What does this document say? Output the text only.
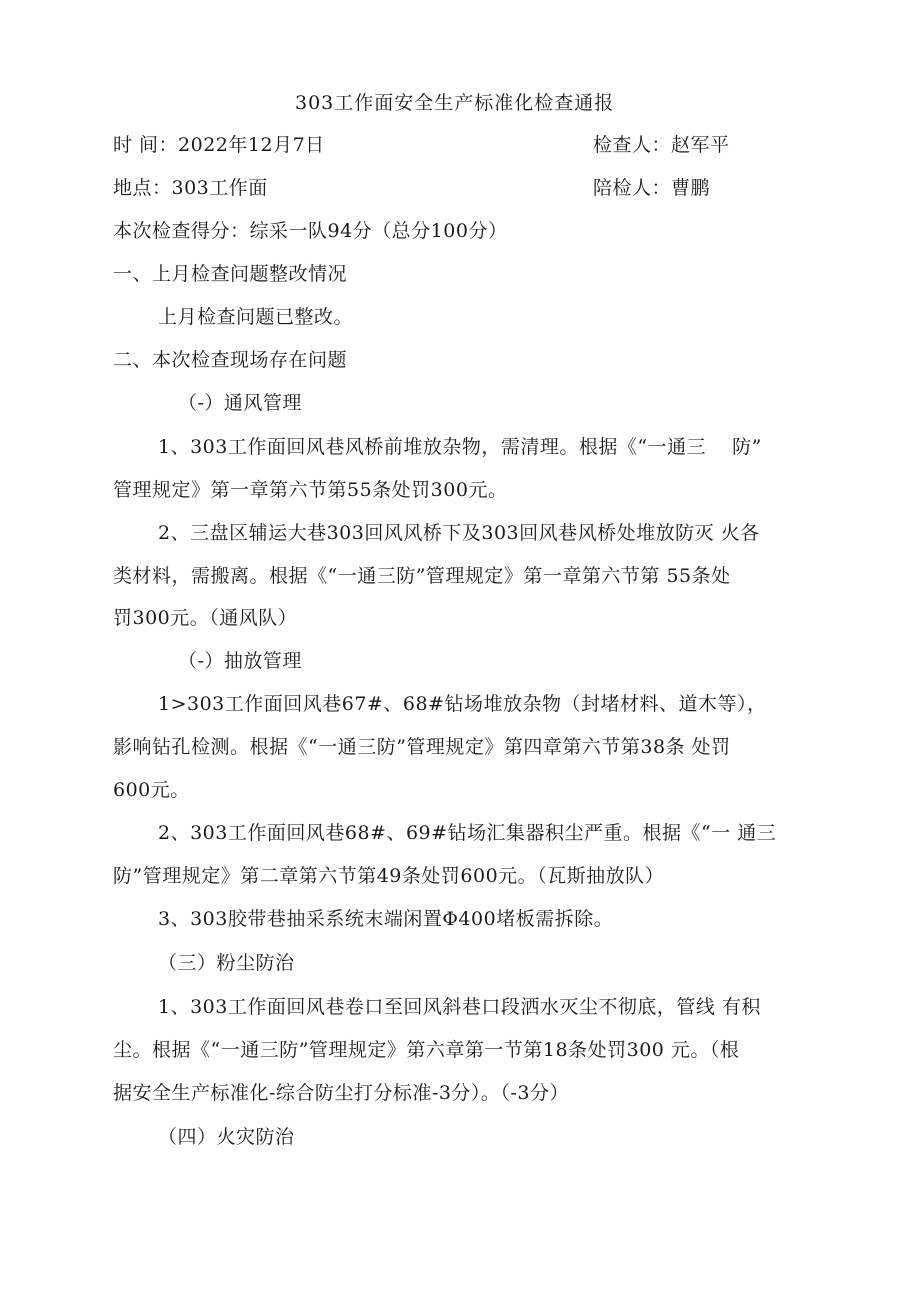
303工作面安全生产标准化检查通报
时 间：2022年12月7日	检查人：赵军平
地点：303工作面	陪检人：曹鹏
本次检查得分：综采一队94分（总分100分）
一、上月检查问题整改情况
上月检查问题已整改。
二、本次检查现场存在问题
（-）通风管理
1、303工作面回风巷风桥前堆放杂物，需清理。根据《“一通三　 防”
管理规定》第一章第六节第55条处罚300元。
2、三盘区辅运大巷303回风风桥下及303回风巷风桥处堆放防灭 火各
类材料，需搬离。根据《“一通三防”管理规定》第一章第六节第 55条处
罚300元。（通风队）
（-）抽放管理
1>303工作面回风巷67#、68#钻场堆放杂物（封堵材料、道木等），
影响钻孔检测。根据《“一通三防”管理规定》第四章第六节第38条 处罚
600元。
2、303工作面回风巷68#、69#钻场汇集器积尘严重。根据《“一 通三
防”管理规定》第二章第六节第49条处罚600元。（瓦斯抽放队）
3、303胶带巷抽采系统末端闲置Φ400堵板需拆除。
（三）粉尘防治
1、303工作面回风巷卷口至回风斜巷口段洒水灭尘不彻底，管线 有积
尘。根据《“一通三防”管理规定》第六章第一节第18条处罚300 元。（根
据安全生产标准化-综合防尘打分标准-3分）。（-3分）
（四）火灾防治
